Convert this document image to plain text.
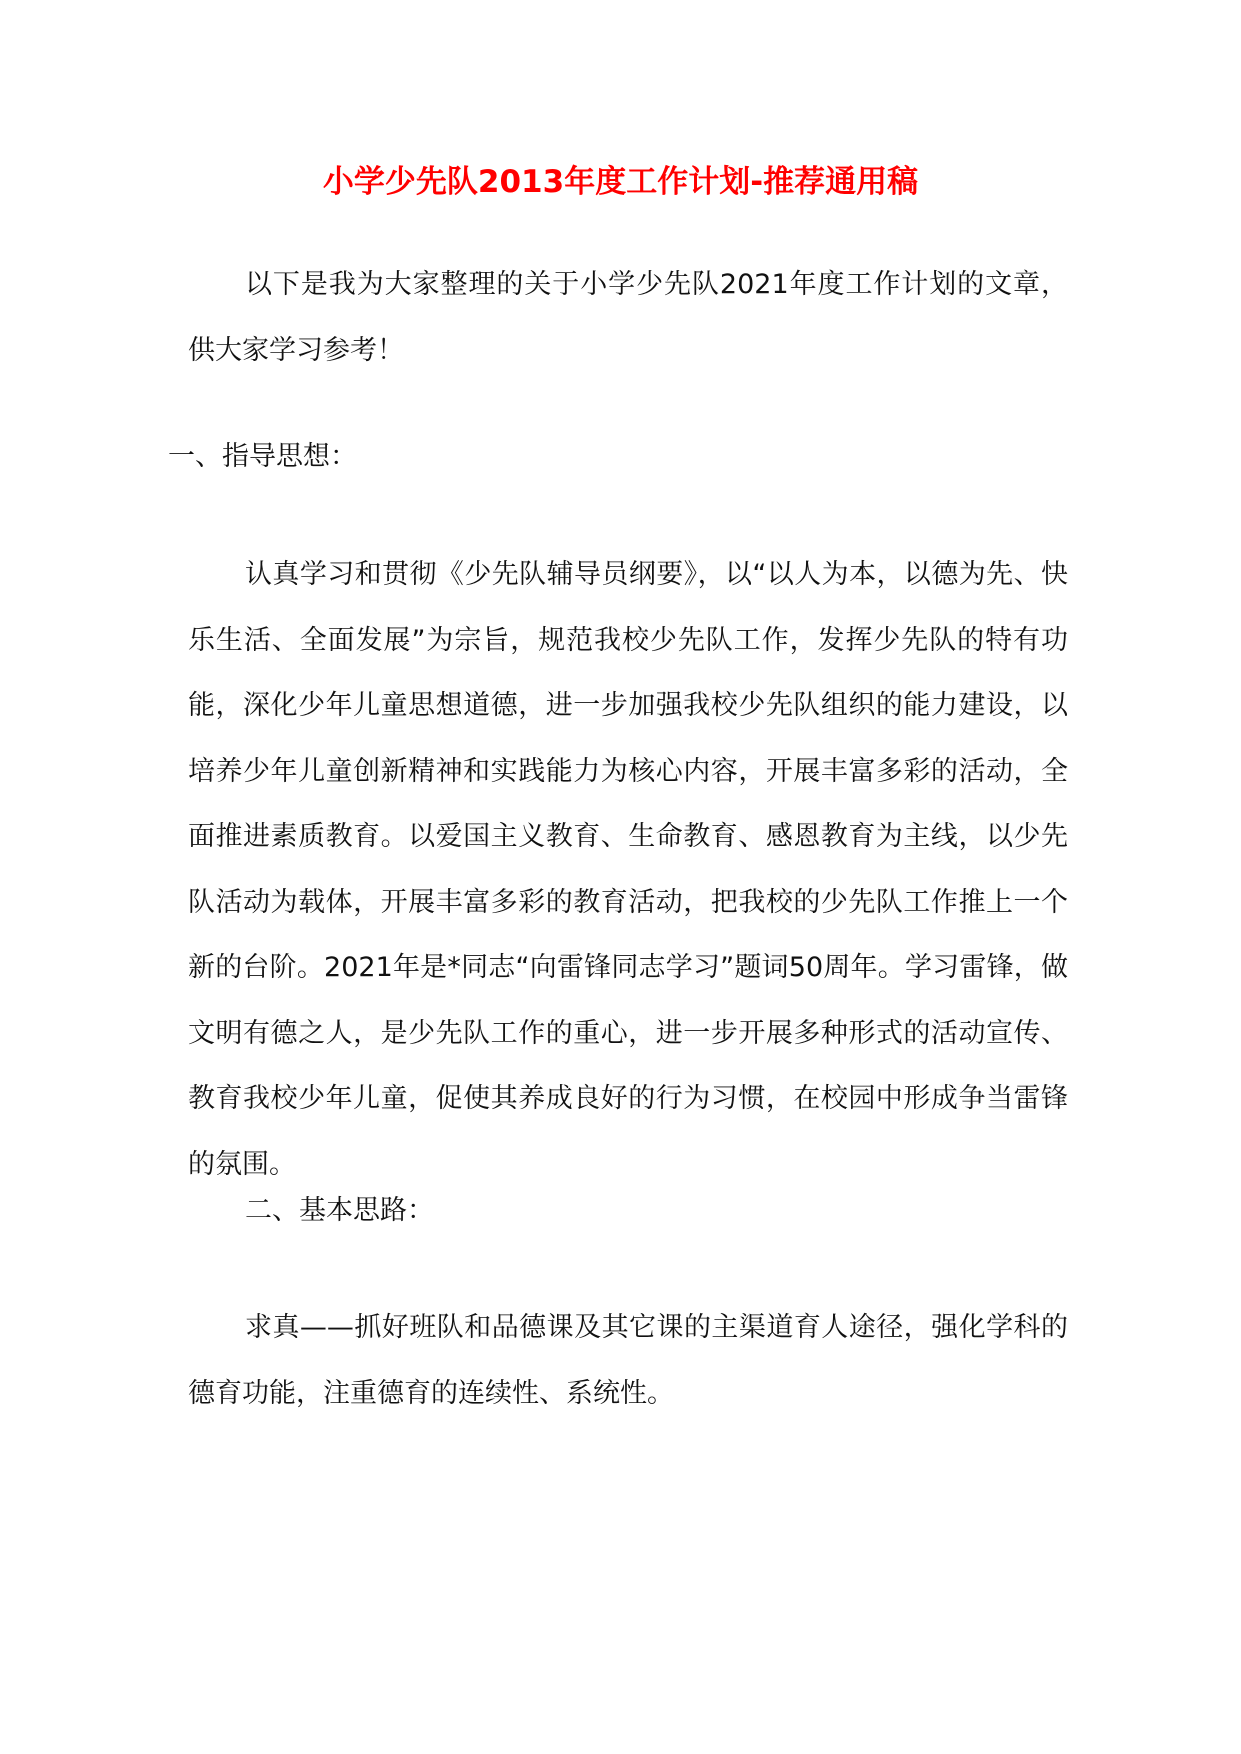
小学少先队2013年度工作计划-推荐通用稿

以下是我为大家整理的关于小学少先队2021年度工作计划的文章，供大家学习参考！

一、指导思想：

认真学习和贯彻《少先队辅导员纲要》，以“以人为本，以德为先、快乐生活、全面发展”为宗旨，规范我校少先队工作，发挥少先队的特有功能，深化少年儿童思想道德，进一步加强我校少先队组织的能力建设，以培养少年儿童创新精神和实践能力为核心内容，开展丰富多彩的活动，全面推进素质教育。以爱国主义教育、生命教育、感恩教育为主线，以少先队活动为载体，开展丰富多彩的教育活动，把我校的少先队工作推上一个新的台阶。2021年是*同志“向雷锋同志学习”题词50周年。学习雷锋，做文明有德之人，是少先队工作的重心，进一步开展多种形式的活动宣传、教育我校少年儿童，促使其养成良好的行为习惯，在校园中形成争当雷锋的氛围。

二、基本思路：

求真——抓好班队和品德课及其它课的主渠道育人途径，强化学科的德育功能，注重德育的连续性、系统性。
